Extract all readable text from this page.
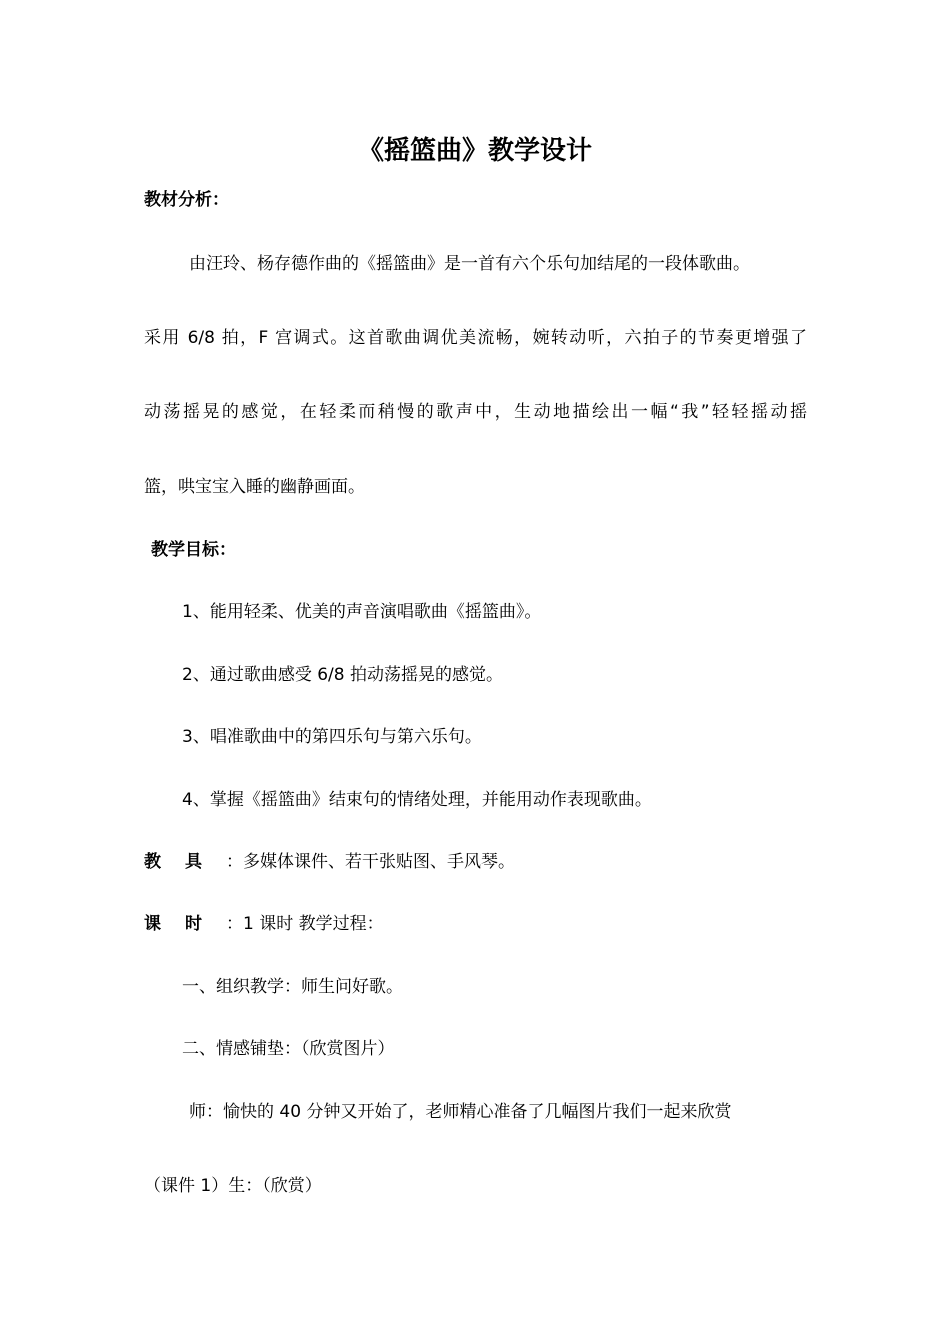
《摇篮曲》教学设计
教材分析：
由汪玲、杨存德作曲的《摇篮曲》是一首有六个乐句加结尾的一段体歌曲。
采用 6/8 拍，F 宫调式。这首歌曲调优美流畅，婉转动听，六拍子的节奏更增强了
动荡摇晃的感觉，在轻柔而稍慢的歌声中，生动地描绘出一幅“我”轻轻摇动摇
篮，哄宝宝入睡的幽静画面。
教学目标：
1、能用轻柔、优美的声音演唱歌曲《摇篮曲》。
2、通过歌曲感受 6/8 拍动荡摇晃的感觉。
3、唱准歌曲中的第四乐句与第六乐句。
4、掌握《摇篮曲》结束句的情绪处理，并能用动作表现歌曲。
教具：多媒体课件、若干张贴图、手风琴。
课时：1 课时 教学过程：
一、组织教学：师生问好歌。
二、情感铺垫：（欣赏图片）
师：愉快的 40 分钟又开始了，老师精心准备了几幅图片我们一起来欣赏
（课件 1）生：（欣赏）
